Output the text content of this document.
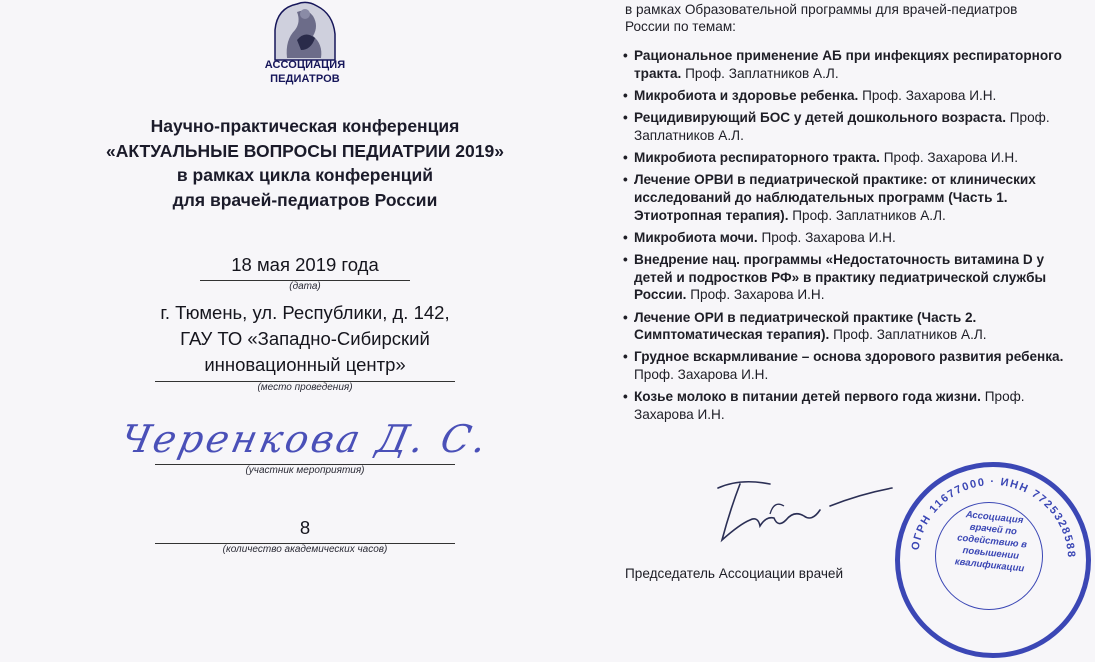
АССОЦИАЦИЯ
ПЕДИАТРОВ
Научно-практическая конференция
«АКТУАЛЬНЫЕ ВОПРОСЫ ПЕДИАТРИИ 2019»
в рамках цикла конференций
для врачей-педиатров России
18 мая 2019 года
(дата)
г. Тюмень, ул. Республики, д. 142,
ГАУ ТО «Западно-Сибирский
инновационный центр»
(место проведения)
Черенкова Д. С.
(участник мероприятия)
8
(количество академических часов)
в рамках Образовательной программы для врачей-педиатров
России по темам:
• Рациональное применение АБ при инфекциях респираторного тракта. Проф. Заплатников А.Л.
• Микробиота и здоровье ребенка. Проф. Захарова И.Н.
• Рецидивирующий БОС у детей дошкольного возраста. Проф. Заплатников А.Л.
• Микробиота респираторного тракта. Проф. Захарова И.Н.
• Лечение ОРВИ в педиатрической практике: от клинических исследований до наблюдательных программ (Часть 1. Этиотропная терапия). Проф. Заплатников А.Л.
• Микробиота мочи. Проф. Захарова И.Н.
• Внедрение нац. программы «Недостаточность витамина D у детей и подростков РФ» в практику педиатрической службы России. Проф. Захарова И.Н.
• Лечение ОРИ в педиатрической практике (Часть 2. Симптоматическая терапия). Проф. Заплатников А.Л.
• Грудное вскармливание – основа здорового развития ребенка. Проф. Захарова И.Н.
• Козье молоко в питании детей первого года жизни. Проф. Захарова И.Н.
Председатель Ассоциации врачей
ОГРН 11677000 · ИНН 7725328588
Ассоциация врачей по содействию в повышении квалификации
